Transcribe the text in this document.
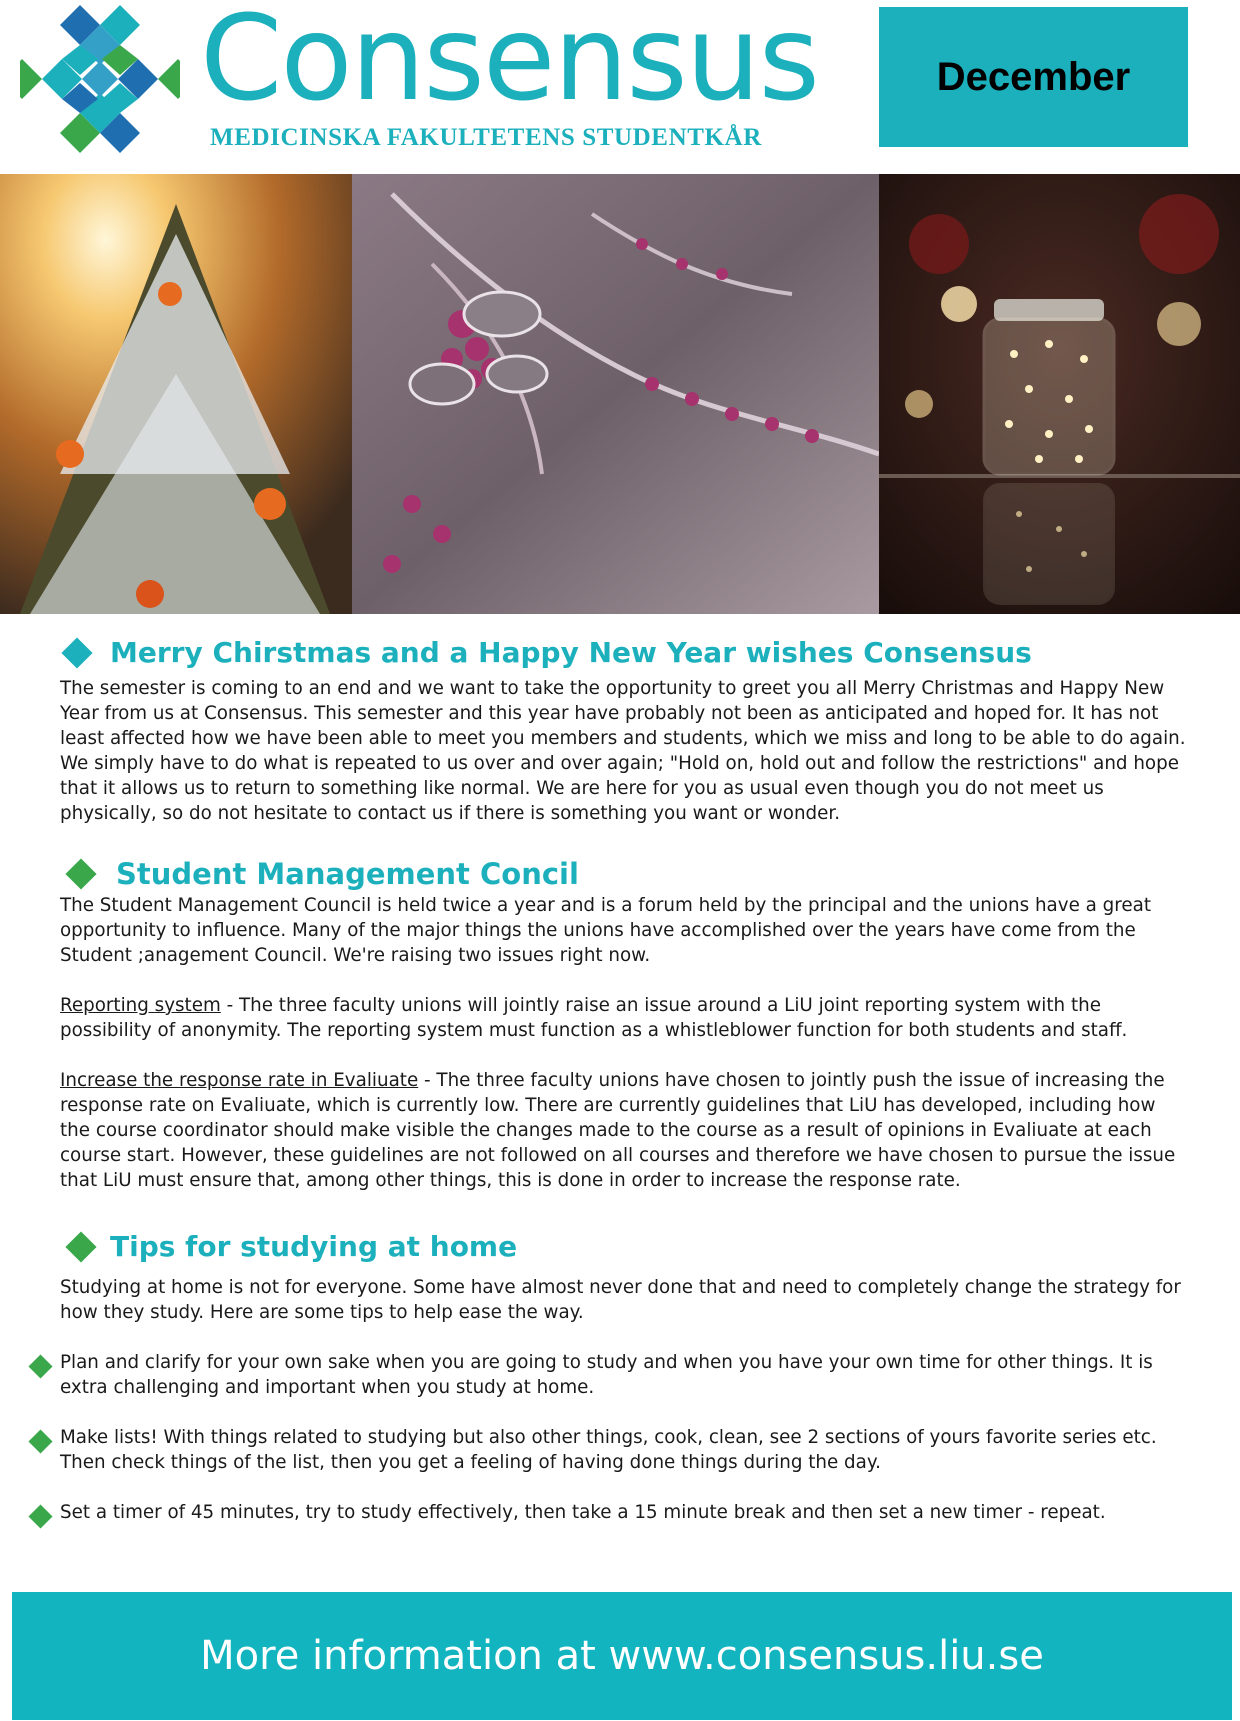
Consensus
MEDICINSKA FAKULTETENS STUDENTKÅR
December
Merry Chirstmas and a Happy New Year wishes Consensus
The semester is coming to an end and we want to take the opportunity to greet you all Merry Christmas and Happy New Year from us at Consensus. This semester and this year have probably not been as anticipated and hoped for. It has not least affected how we have been able to meet you members and students, which we miss and long to be able to do again. We simply have to do what is repeated to us over and over again; "Hold on, hold out and follow the restrictions" and hope that it allows us to return to something like normal. We are here for you as usual even though you do not meet us physically, so do not hesitate to contact us if there is something you want or wonder.
Student Management Concil
The Student Management Council is held twice a year and is a forum held by the principal and the unions have a great opportunity to influence. Many of the major things the unions have accomplished over the years have come from the Student ;anagement Council. We're raising two issues right now.
Reporting system - The three faculty unions will jointly raise an issue around a LiU joint reporting system with the possibility of anonymity. The reporting system must function as a whistleblower function for both students and staff.
Increase the response rate in Evaliuate - The three faculty unions have chosen to jointly push the issue of increasing the response rate on Evaliuate, which is currently low. There are currently guidelines that LiU has developed, including how the course coordinator should make visible the changes made to the course as a result of opinions in Evaliuate at each course start. However, these guidelines are not followed on all courses and therefore we have chosen to pursue the issue that LiU must ensure that, among other things, this is done in order to increase the response rate.
Tips for studying at home
Studying at home is not for everyone. Some have almost never done that and need to completely change the strategy for how they study. Here are some tips to help ease the way.
Plan and clarify for your own sake when you are going to study and when you have your own time for other things. It is extra challenging and important when you study at home.
Make lists! With things related to studying but also other things, cook, clean, see 2 sections of yours favorite series etc. Then check things of the list, then you get a feeling of having done things during the day.
Set a timer of 45 minutes, try to study effectively, then take a 15 minute break and then set a new timer - repeat.
More information at www.consensus.liu.se
